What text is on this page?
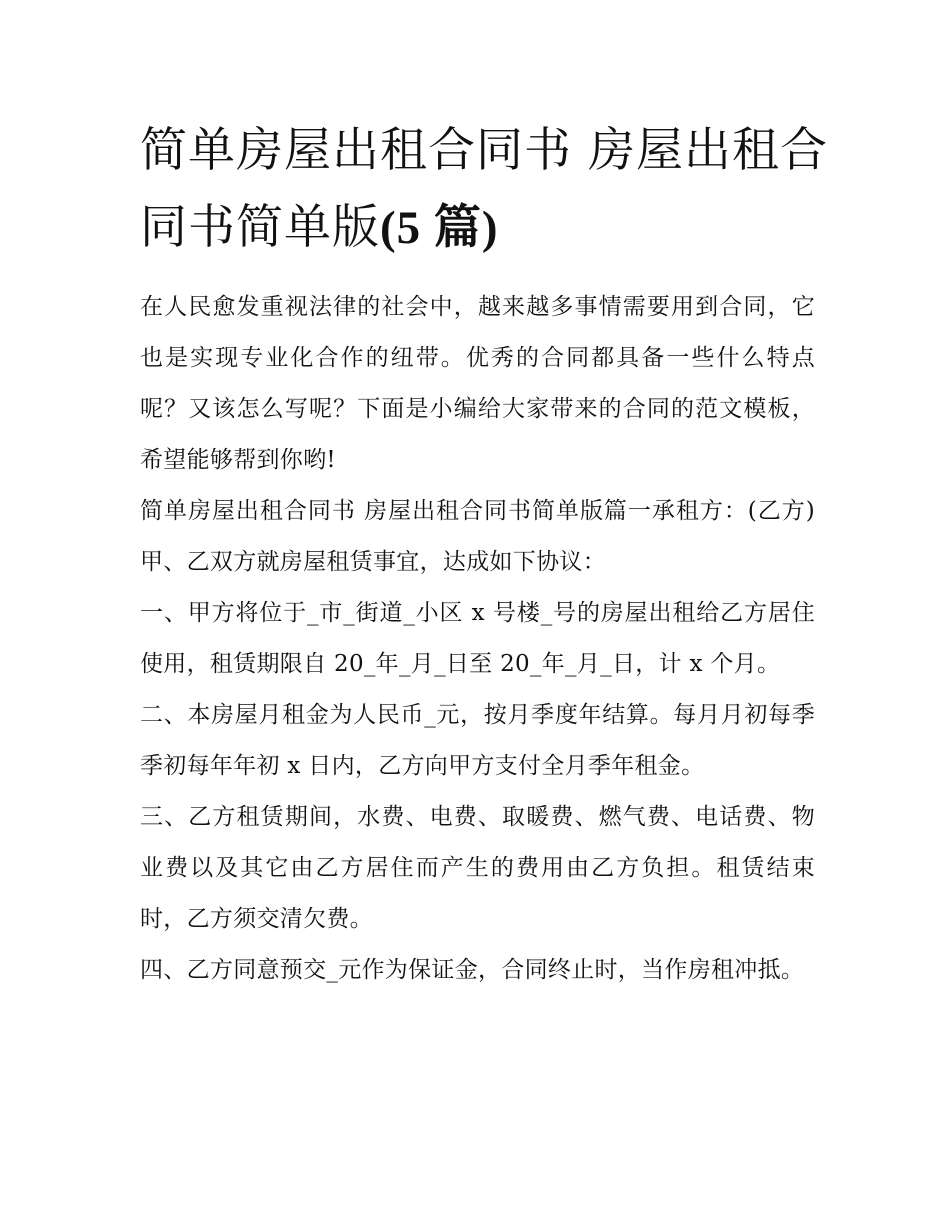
简单房屋出租合同书 房屋出租合同书简单版(5 篇)

在人民愈发重视法律的社会中，越来越多事情需要用到合同，它也是实现专业化合作的纽带。优秀的合同都具备一些什么特点呢？又该怎么写呢？下面是小编给大家带来的合同的范文模板，希望能够帮到你哟!

简单房屋出租合同书 房屋出租合同书简单版篇一承租方：(乙方) 甲、乙双方就房屋租赁事宜，达成如下协议：

一、甲方将位于_市_街道_小区 x 号楼_号的房屋出租给乙方居住使用，租赁期限自 20_年_月_日至 20_年_月_日，计 x 个月。

二、本房屋月租金为人民币_元，按月季度年结算。每月月初每季季初每年年初 x 日内，乙方向甲方支付全月季年租金。

三、乙方租赁期间，水费、电费、取暖费、燃气费、电话费、物业费以及其它由乙方居住而产生的费用由乙方负担。租赁结束时，乙方须交清欠费。

四、乙方同意预交_元作为保证金，合同终止时，当作房租冲抵。
